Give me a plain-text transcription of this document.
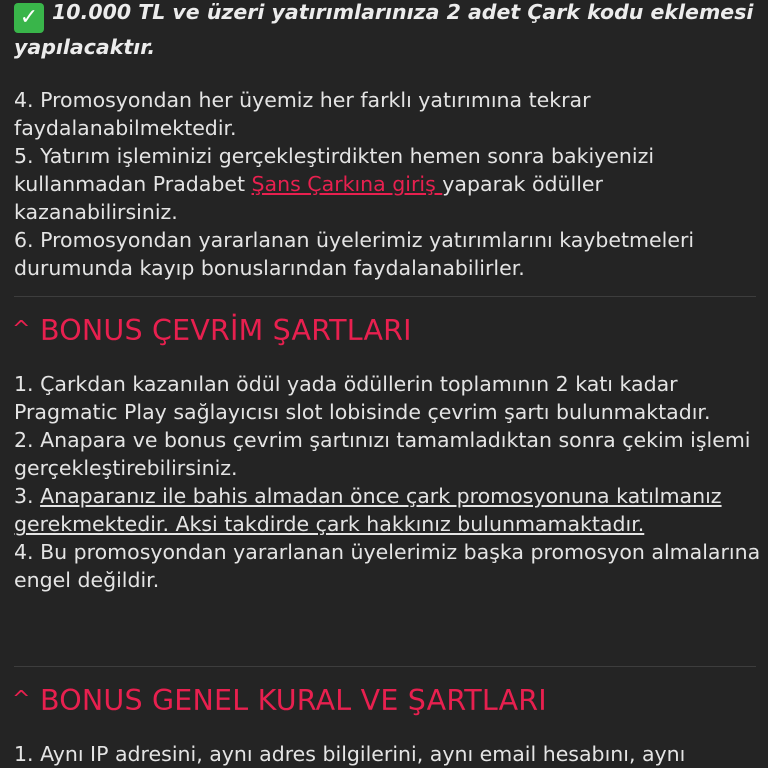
✓ 10.000 TL ve üzeri yatırımlarınıza 2 adet Çark kodu eklemesi yapılacaktır.

4. Promosyondan her üyemiz her farklı yatırımına tekrar faydalanabilmektedir.

5. Yatırım işleminizi gerçekleştirdikten hemen sonra bakiyenizi kullanmadan Pradabet Şans Çarkına giriş yaparak ödüller kazanabilirsiniz.

6. Promosyondan yararlanan üyelerimiz yatırımlarını kaybetmeleri durumunda kayıp bonuslarından faydalanabilirler.

^ BONUS ÇEVRİM ŞARTLARI

1. Çarkdan kazanılan ödül yada ödüllerin toplamının 2 katı kadar Pragmatic Play sağlayıcısı slot lobisinde çevrim şartı bulunmaktadır.

2. Anapara ve bonus çevrim şartınızı tamamladıktan sonra çekim işlemi gerçekleştirebilirsiniz.

3. Anaparanız ile bahis almadan önce çark promosyonuna katılmanız gerekmektedir. Aksi takdirde çark hakkınız bulunmamaktadır.

4. Bu promosyondan yararlanan üyelerimiz başka promosyon almalarına engel değildir.

^ BONUS GENEL KURAL VE ŞARTLARI

1. Aynı IP adresini, aynı adres bilgilerini, aynı email hesabını, aynı
